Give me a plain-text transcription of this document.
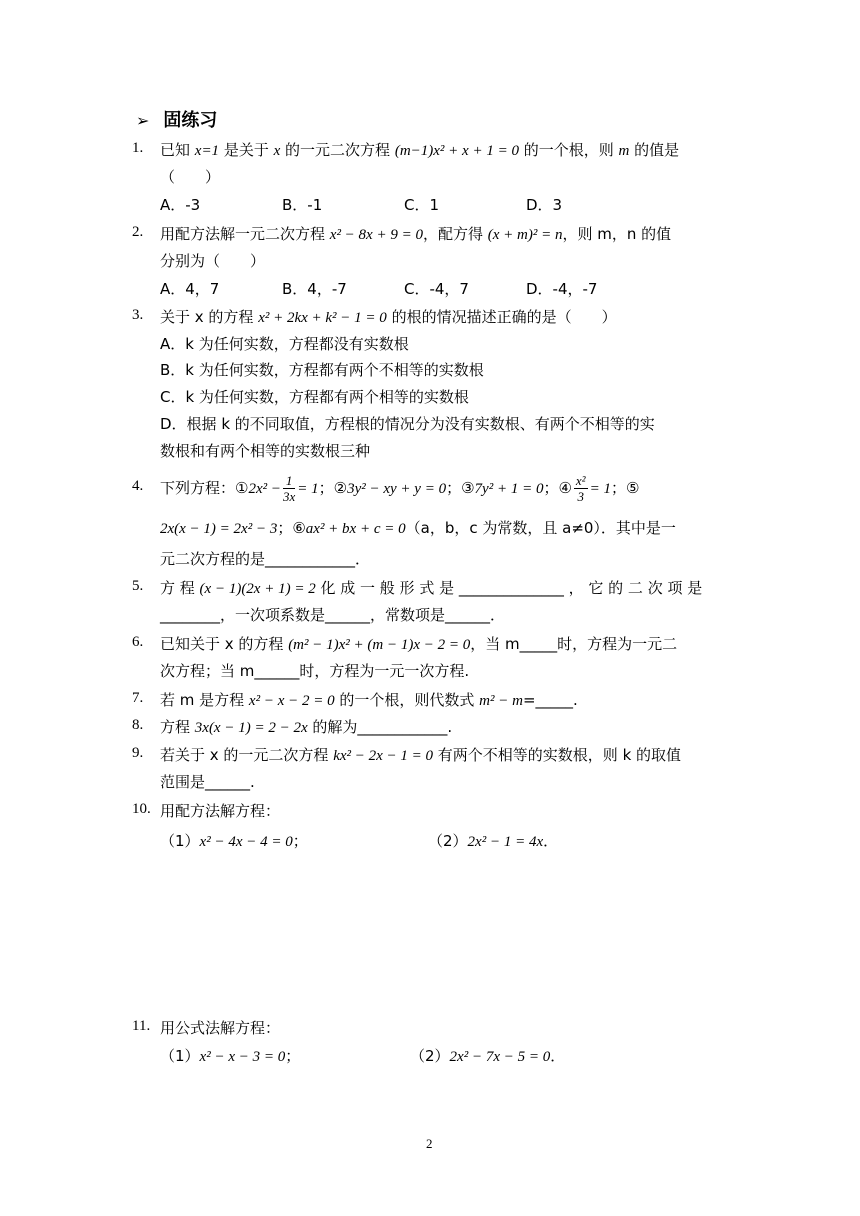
➢ 固练习
1. 已知 x=1 是关于 x 的一元二次方程 (m−1)x² + x + 1 = 0 的一个根，则 m 的值是
（　　）
A．-3	B．-1	C．1	D．3
2. 用配方法解一元二次方程 x² − 8x + 9 = 0，配方得 (x + m)² = n，则 m，n 的值
分别为（　　）
A．4，7	B．4，-7	C．-4，7	D．-4，-7
3. 关于 x 的方程 x² + 2kx + k² − 1 = 0 的根的情况描述正确的是（　　）
A．k 为任何实数，方程都没有实数根
B．k 为任何实数，方程都有两个不相等的实数根
C．k 为任何实数，方程都有两个相等的实数根
D．根据 k 的不同取值，方程根的情况分为没有实数根、有两个不相等的实
数根和有两个相等的实数根三种
4. 下列方程：①2x² − $\frac{1}{3x} = 1$；②3y² − xy + y = 0；③7y² + 1 = 0；④ $\frac{\text{x²}}{3} = 1$；⑤
2x(x − 1) = 2x² − 3；⑥ax² + bx + c = 0（a，b，c 为常数，且 a≠0）．其中是一
元二次方程的是____________．
5. 方 程 (x − 1)(2x + 1) = 2 化 成 一 般 形 式 是 ______________ ， 它 的 二 次 项 是
________，一次项系数是______，常数项是______．
6. 已知关于 x 的方程 (m² − 1)x² + (m − 1)x − 2 = 0，当 m_____时，方程为一元二
次方程；当 m______时，方程为一元一次方程.
7. 若 m 是方程 x² − x − 2 = 0 的一个根，则代数式 m² − m=_____.
8. 方程 3x(x − 1) = 2 − 2x 的解为____________.
9. 若关于 x 的一元二次方程 kx² − 2x − 1 = 0 有两个不相等的实数根，则 k 的取值
范围是______.
10. 用配方法解方程：
（1）x² − 4x − 4 = 0；	（2）2x² − 1 = 4x．
11. 用公式法解方程：
（1）x² − x − 3 = 0；	（2）2x² − 7x − 5 = 0．
2
